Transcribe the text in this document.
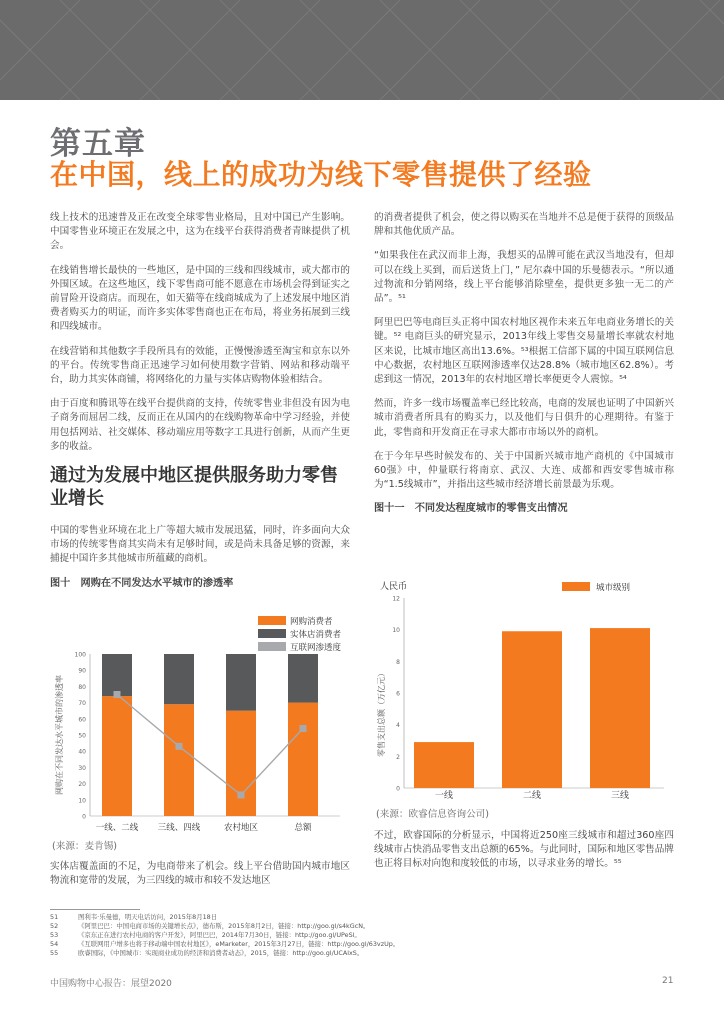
第五章
在中国，线上的成功为线下零售提供了经验

线上技术的迅速普及正在改变全球零售业格局，且对中国已产生影响。中国零售业环境正在发展之中，这为在线平台获得消费者青睐提供了机会。

在线销售增长最快的一些地区，是中国的三线和四线城市，或大都市的外围区域。在这些地区，线下零售商可能不愿意在市场机会得到证实之前冒险开设商店。而现在，如天猫等在线商城成为了上述发展中地区消费者购买力的明证，而许多实体零售商也正在布局，将业务拓展到三线和四线城市。

在线营销和其他数字手段所具有的效能，正慢慢渗透至淘宝和京东以外的平台。传统零售商正迅速学习如何使用数字营销、网站和移动端平台，助力其实体商铺，将网络化的力量与实体店购物体验相结合。

由于百度和腾讯等在线平台提供商的支持，传统零售业非但没有因为电子商务而屈居二线，反而正在从国内的在线购物革命中学习经验，并使用包括网站、社交媒体、移动端应用等数字工具进行创新，从而产生更多的收益。

通过为发展中地区提供服务助力零售业增长

中国的零售业环境在北上广等超大城市发展迅猛，同时，许多面向大众市场的传统零售商其实尚未有足够时间，或是尚未具备足够的资源，来捕捉中国许多其他城市所蕴藏的商机。

图十　网购在不同发达水平城市的渗透率
网购消费者
实体店消费者
互联网渗透度
0
10
20
30
40
50
60
70
80
90
100
网购在不同发达水平城市的渗透率
一线、二线 三线、四线	农村地区	总额
(来源：麦肯锡)

实体店覆盖面的不足，为电商带来了机会。线上平台借助国内城市地区物流和宽带的发展，为三四线的城市和较不发达地区

的消费者提供了机会，使之得以购买在当地并不总是便于获得的顶级品牌和其他优质产品。

“如果我住在武汉而非上海，我想买的品牌可能在武汉当地没有，但却可以在线上买到，而后送货上门，” 尼尔森中国的乐曼德表示。“所以通过物流和分销网络，线上平台能够消除壁垒，提供更多独一无二的产品”。⁵¹

阿里巴巴等电商巨头正将中国农村地区视作未来五年电商业务增长的关键。⁵² 电商巨头的研究显示，2013年线上零售交易量增长率就农村地区来说，比城市地区高出13.6%。⁵³根据工信部下属的中国互联网信息中心数据，农村地区互联网渗透率仅达28.8%（城市地区62.8%）。考虑到这一情况，2013年的农村地区增长率便更令人震惊。⁵⁴

然而，许多一线市场覆盖率已经比较高，电商的发展也证明了中国新兴城市消费者所具有的购买力，以及他们与日俱升的心理期待。有鉴于此，零售商和开发商正在寻求大都市市场以外的商机。

在于今年早些时候发布的、关于中国新兴城市地产商机的《中国城市60强》中，仲量联行将南京、武汉、大连、成都和西安零售城市称为“1.5线城市”，并指出这些城市经济增长前景最为乐观。

图十一　不同发达程度城市的零售支出情况
人民币	城市级别
0
2
4
6
8
10
12
零售支出总额（万亿元）
一线	二线	三线
(来源：欧睿信息咨询公司)

不过，欧睿国际的分析显示，中国将近250座三线城市和超过360座四线城市占快消品零售支出总额的65%。与此同时，国际和地区零售品牌也正将目标对向饱和度较低的市场，以寻求业务的增长。⁵⁵

51	图利韦·乐曼德，明天电话访问，2015年8月18日
52	《阿里巴巴：中国电商市场的关键增长点》，德布斯，2015年8月2日，链接：http://goo.gl/s4kGcN。
53	《京东正在进行农村电商的客户开发》，阿里巴巴，2014年7月30日，链接：http://goo.gl/UPeSl。
54	《互联网用户增多也将于移动端中国农村地区》，eMarketer，2015年3月27日，链接：http://goo.gl/63vzUp。
55	欧睿国际，《中国城市：实现商业成功的经济和消费者动态》，2015，链接：http://goo.gl/UCAlxS。
中国购物中心报告：展望2020	21
